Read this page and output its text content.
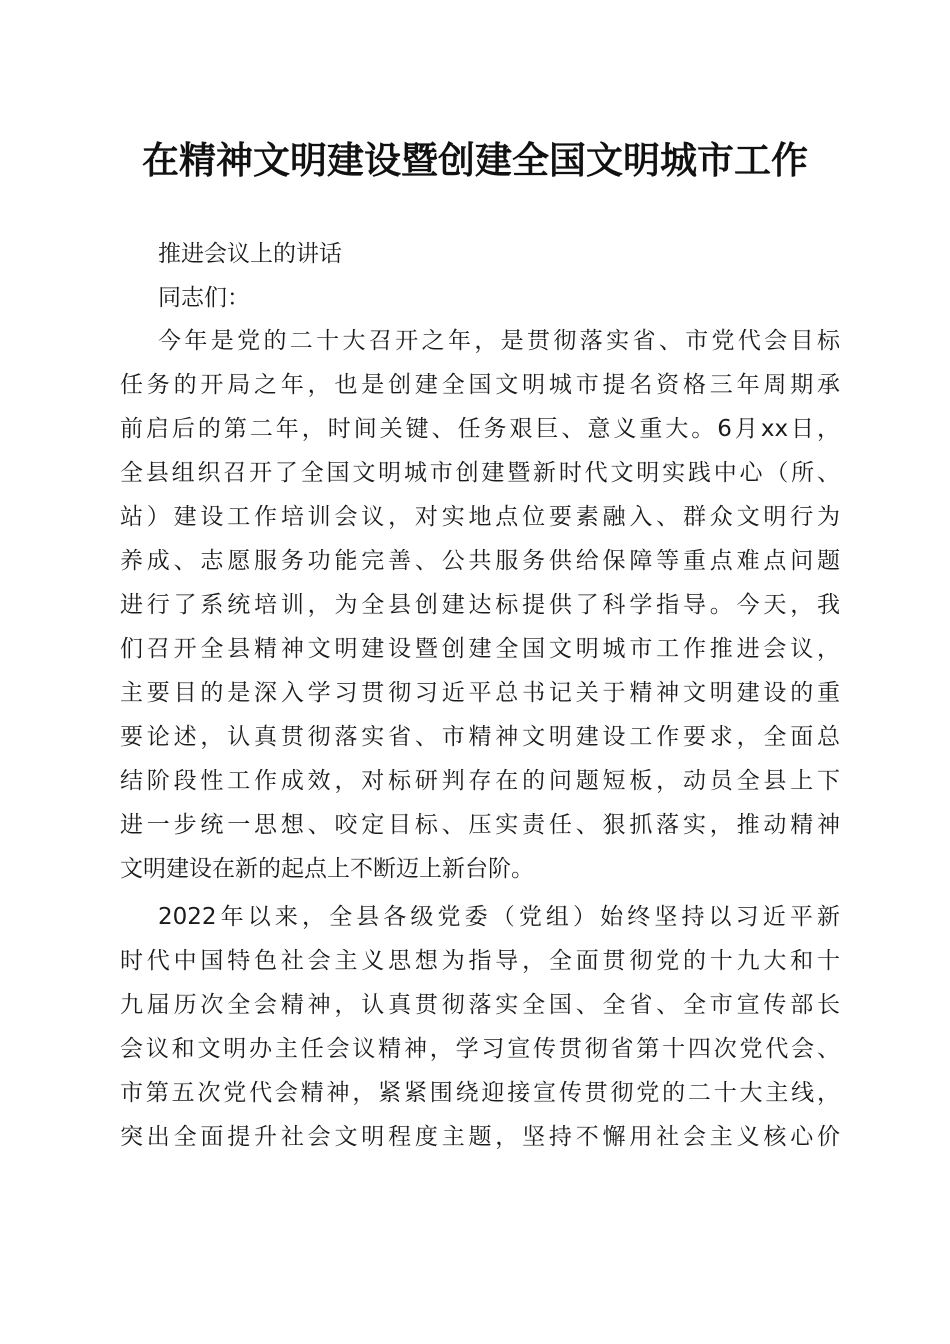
在精神文明建设暨创建全国文明城市工作
推进会议上的讲话
同志们：
今年是党的二十大召开之年，是贯彻落实省、市党代会目标
任务的开局之年，也是创建全国文明城市提名资格三年周期承
前启后的第二年，时间关键、任务艰巨、意义重大。6月xx日，
全县组织召开了全国文明城市创建暨新时代文明实践中心（所、
站）建设工作培训会议，对实地点位要素融入、群众文明行为
养成、志愿服务功能完善、公共服务供给保障等重点难点问题
进行了系统培训，为全县创建达标提供了科学指导。今天，我
们召开全县精神文明建设暨创建全国文明城市工作推进会议，
主要目的是深入学习贯彻习近平总书记关于精神文明建设的重
要论述，认真贯彻落实省、市精神文明建设工作要求，全面总
结阶段性工作成效，对标研判存在的问题短板，动员全县上下
进一步统一思想、咬定目标、压实责任、狠抓落实，推动精神
文明建设在新的起点上不断迈上新台阶。
2022年以来，全县各级党委（党组）始终坚持以习近平新
时代中国特色社会主义思想为指导，全面贯彻党的十九大和十
九届历次全会精神，认真贯彻落实全国、全省、全市宣传部长
会议和文明办主任会议精神，学习宣传贯彻省第十四次党代会、
市第五次党代会精神，紧紧围绕迎接宣传贯彻党的二十大主线，
突出全面提升社会文明程度主题，坚持不懈用社会主义核心价
